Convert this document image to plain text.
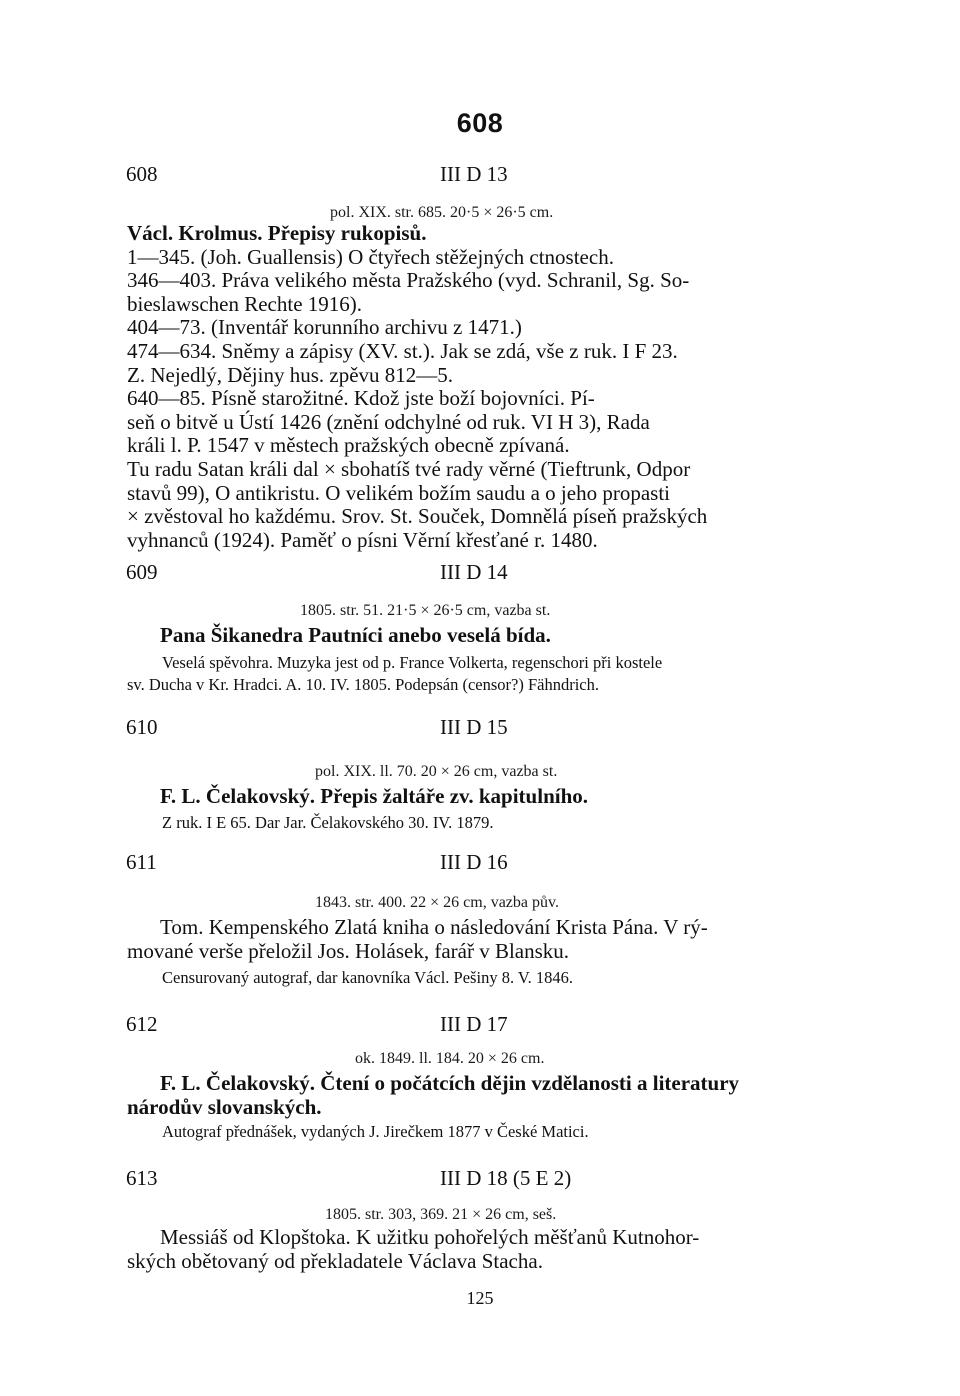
608
608	III D 13
pol. XIX. str. 685. 20·5 × 26·5 cm.

Václ. Krolmus. Přepisy rukopisů.

1—345. (Joh. Guallensis) O čtyřech stěžejných ctnostech.

346—403. Práva velikého města Pražského (vyd. Schranil, Sg. So-

bieslawschen Rechte 1916).

404—73. (Inventář korunního archivu z 1471.)

474—634. Sněmy a zápisy (XV. st.). Jak se zdá, vše z ruk. I F 23.

Z. Nejedlý, Dějiny hus. zpěvu 812—5.

640—85. Písně starožitné. Kdož jste boží bojovníci. Pí-

seň o bitvě u Ústí 1426 (znění odchylné od ruk. VI H 3), Rada

králi l. P. 1547 v městech pražských obecně zpívaná.

Tu radu Satan králi dal × sbohatíš tvé rady věrné (Tieftrunk, Odpor

stavů 99), O antikristu. O velikém božím saudu a o jeho propasti

× zvěstoval ho každému. Srov. St. Souček, Domnělá píseň pražských

vyhnanců (1924). Paměť o písni Věrní křesťané r. 1480.

609	III D 14
1805. str. 51. 21·5 × 26·5 cm, vazba st.

Pana Šikanedra Pautníci anebo veselá bída.

Veselá spěvohra. Muzyka jest od p. France Volkerta, regenschori při kostele
sv. Ducha v Kr. Hradci. A. 10. IV. 1805. Podepsán (censor?) Fähndrich.
610	III D 15
pol. XIX. ll. 70. 20 × 26 cm, vazba st.

F. L. Čelakovský. Přepis žaltáře zv. kapitulního.

Z ruk. I E 65. Dar Jar. Čelakovského 30. IV. 1879.
611	III D 16
1843. str. 400. 22 × 26 cm, vazba pův.

Tom. Kempenského Zlatá kniha o následování Krista Pána. V rý-

mované verše přeložil Jos. Holásek, farář v Blansku.

Censurovaný autograf, dar kanovníka Václ. Pešiny 8. V. 1846.
612	III D 17
ok. 1849. ll. 184. 20 × 26 cm.

F. L. Čelakovský. Čtení o počátcích dějin vzdělanosti a literatury

národův slovanských.

Autograf přednášek, vydaných J. Jirečkem 1877 v České Matici.
613	III D 18 (5 E 2)
1805. str. 303, 369. 21 × 26 cm, seš.

Messiáš od Klopštoka. K užitku pohořelých měšťanů Kutnohor-

ských obětovaný od překladatele Václava Stacha.

125
